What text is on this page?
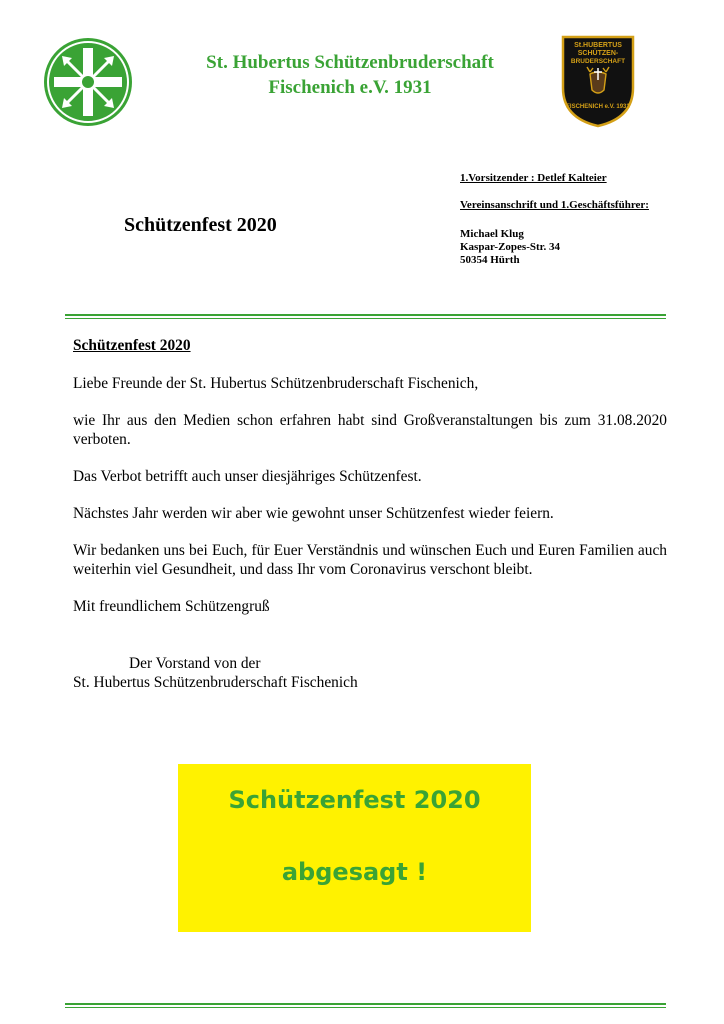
St. Hubertus Schützenbruderschaft
Fischenich e.V. 1931
St.HUBERTUS
SCHÜTZEN-
BRUDERSCHAFT
FISCHENICH e.V. 1931
Schützenfest 2020
1.Vorsitzender : Detlef Kalteier
Vereinsanschrift und 1.Geschäftsführer:
Michael Klug
Kaspar-Zopes-Str. 34
50354 Hürth

Schützenfest 2020

Liebe Freunde der St. Hubertus Schützenbruderschaft Fischenich,

wie Ihr aus den Medien schon erfahren habt sind Großveranstaltungen bis zum 31.08.2020 verboten.

Das Verbot betrifft auch unser diesjähriges Schützenfest.

Nächstes Jahr werden wir aber wie gewohnt unser Schützenfest wieder feiern.

Wir bedanken uns bei Euch, für Euer Verständnis und wünschen Euch und Euren Familien auch weiterhin viel Gesundheit, und dass Ihr vom Coronavirus verschont bleibt.

Mit freundlichem Schützengruß

Der Vorstand von der
St. Hubertus Schützenbruderschaft Fischenich
Schützenfest 2020
abgesagt !
